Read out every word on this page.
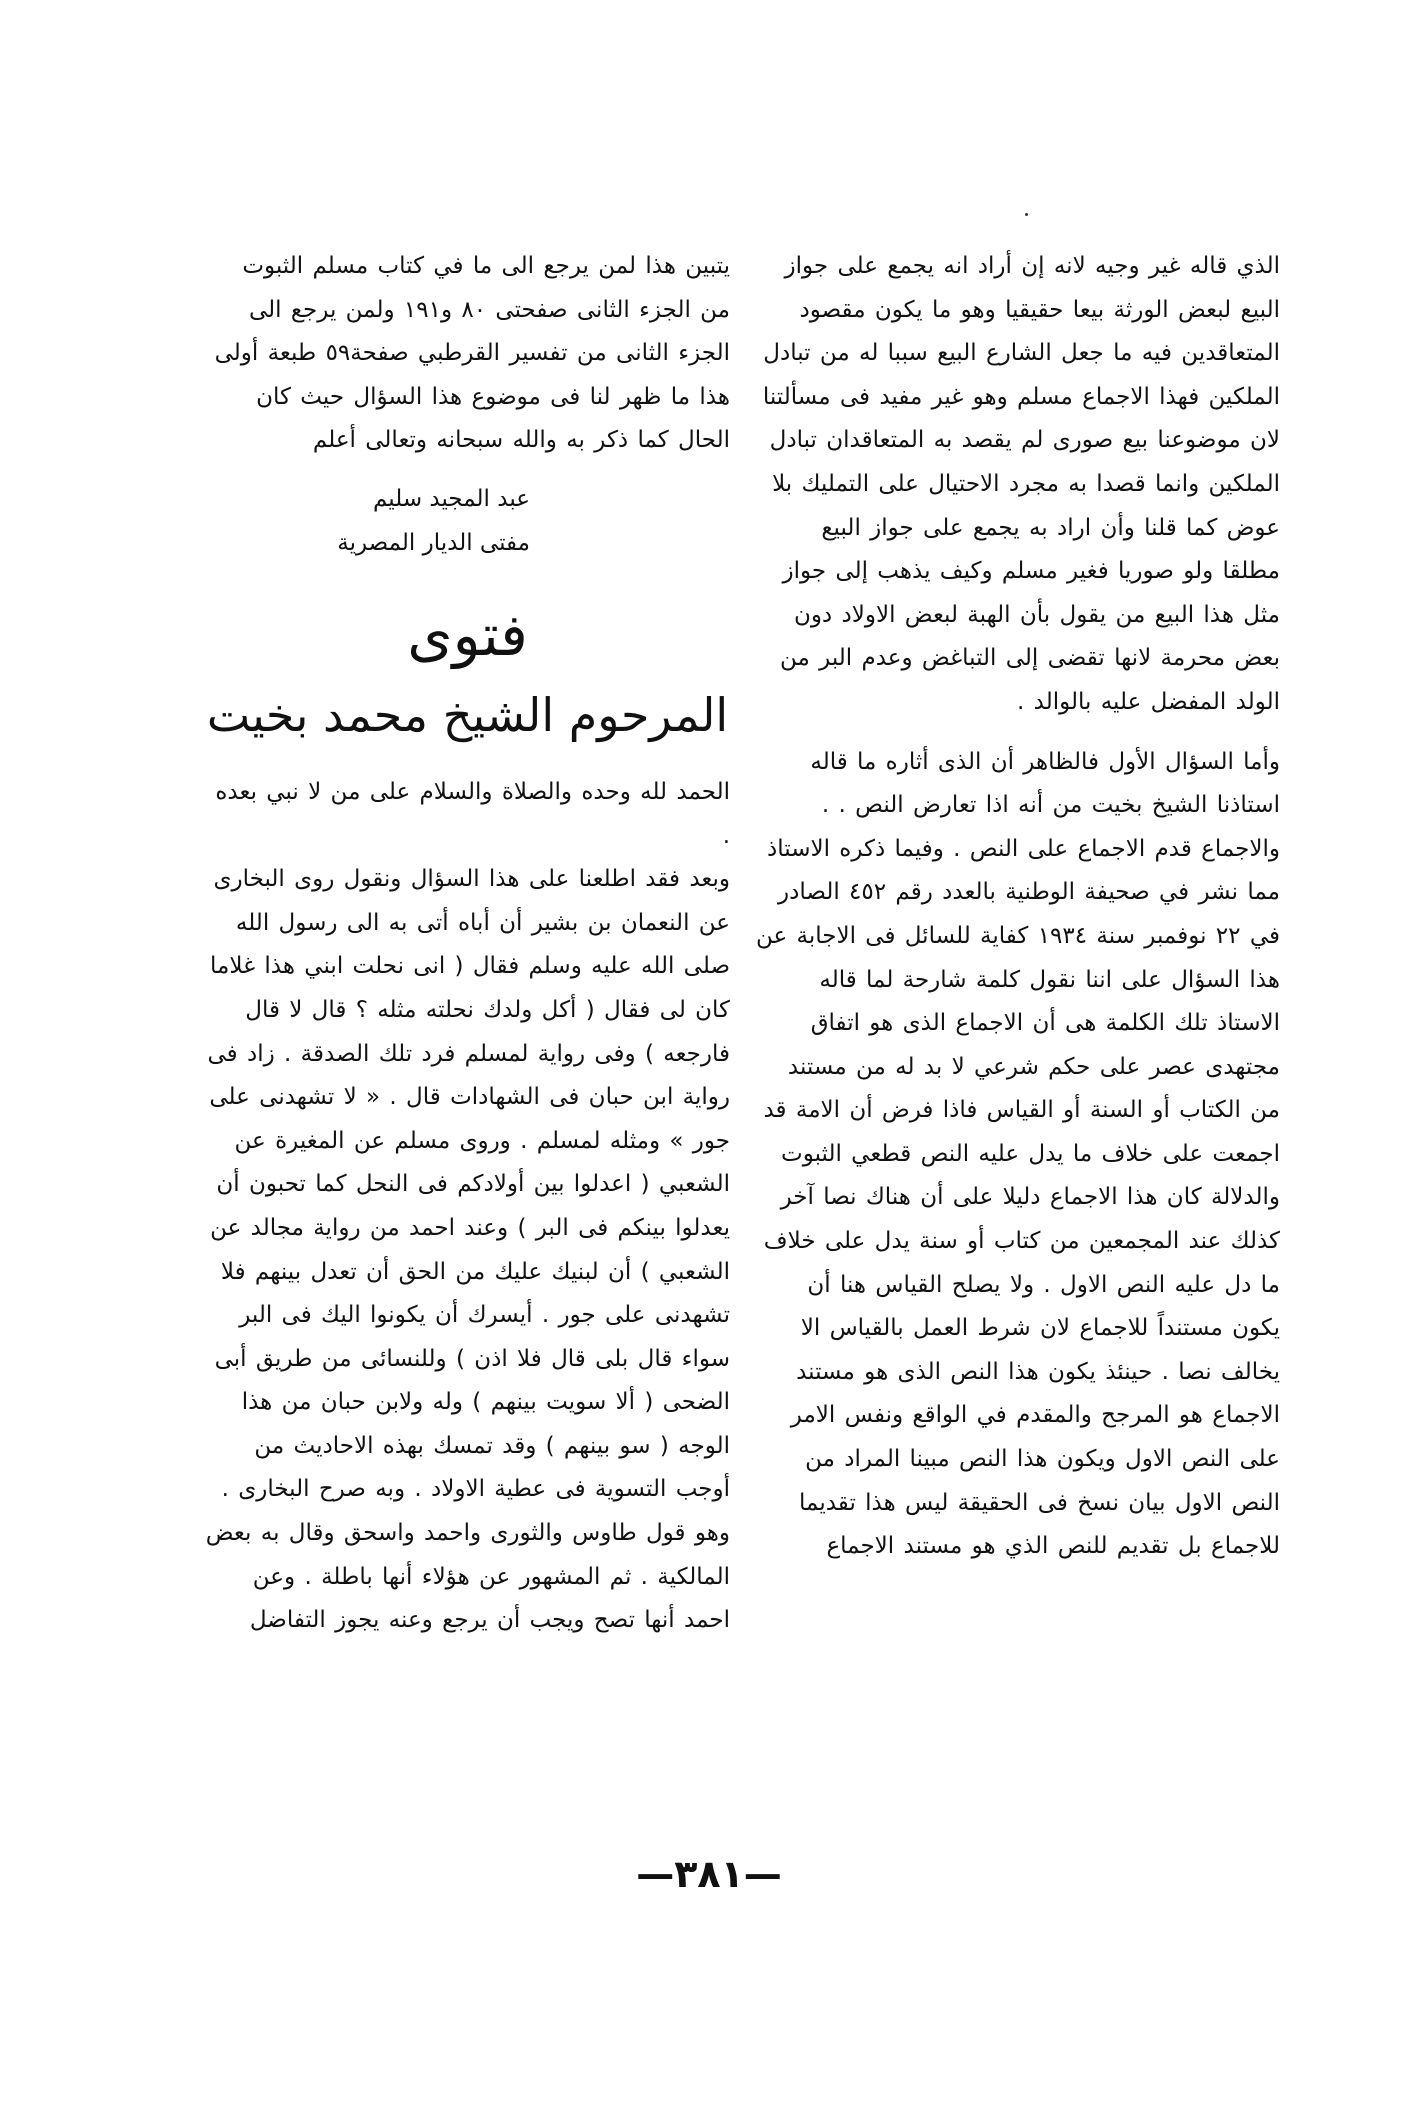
الذي قاله غير وجيه لانه إن أراد انه يجمع على جواز البيع لبعض الورثة بيعا حقيقيا وهو ما يكون مقصود المتعاقدين فيه ما جعل الشارع البيع سببا له من تبادل الملكين فهذا الاجماع مسلم وهو غير مفيد فى مسألتنا لان موضوعنا بيع صورى لم يقصد به المتعاقدان تبادل الملكين وانما قصدا به مجرد الاحتيال على التمليك بلا عوض كما قلنا وأن اراد به يجمع على جواز البيع مطلقا ولو صوريا فغير مسلم وكيف يذهب إلى جواز مثل هذا البيع من يقول بأن الهبة لبعض الاولاد دون بعض محرمة لانها تقضى إلى التباغض وعدم البر من الولد المفضل عليه بالوالد .

وأما السؤال الأول فالظاهر أن الذى أثاره ما قاله استاذنا الشيخ بخيت من أنه اذا تعارض النص . . والاجماع قدم الاجماع على النص . وفيما ذكره الاستاذ مما نشر في صحيفة الوطنية بالعدد رقم ٤٥٢ الصادر في ٢٢ نوفمبر سنة ١٩٣٤ كفاية للسائل فى الاجابة عن هذا السؤال على اننا نقول كلمة شارحة لما قاله الاستاذ تلك الكلمة هى أن الاجماع الذى هو اتفاق مجتهدى عصر على حكم شرعي لا بد له من مستند من الكتاب أو السنة أو القياس فاذا فرض أن الامة قد اجمعت على خلاف ما يدل عليه النص قطعي الثبوت والدلالة كان هذا الاجماع دليلا على أن هناك نصا آخر كذلك عند المجمعين من كتاب أو سنة يدل على خلاف ما دل عليه النص الاول . ولا يصلح القياس هنا أن يكون مستنداً للاجماع لان شرط العمل بالقياس الا يخالف نصا . حينئذ يكون هذا النص الذى هو مستند الاجماع هو المرجح والمقدم في الواقع ونفس الامر على النص الاول ويكون هذا النص مبينا المراد من النص الاول بيان نسخ فى الحقيقة ليس هذا تقديما للاجماع بل تقديم للنص الذي هو مستند الاجماع

يتبين هذا لمن يرجع الى ما في كتاب مسلم الثبوت من الجزء الثانى صفحتى ٨٠ و١٩١ ولمن يرجع الى الجزء الثانى من تفسير القرطبي صفحة٥٩ طبعة أولى

هذا ما ظهر لنا فى موضوع هذا السؤال حيث كان الحال كما ذكر به والله سبحانه وتعالى أعلم

عبد المجيد سليم
مفتى الديار المصرية
فتوى
المرحوم الشيخ محمد بخيت

الحمد لله وحده والصلاة والسلام على من لا نبي بعده .

وبعد فقد اطلعنا على هذا السؤال ونقول روى البخارى عن النعمان بن بشير أن أباه أتى به الى رسول الله صلى الله عليه وسلم فقال ( انى نحلت ابني هذا غلاما كان لى فقال ( أكل ولدك نحلته مثله ؟ قال لا قال فارجعه ) وفى رواية لمسلم فرد تلك الصدقة . زاد فى رواية ابن حبان فى الشهادات قال . « لا تشهدنى على جور » ومثله لمسلم . وروى مسلم عن المغيرة عن الشعبي ( اعدلوا بين أولادكم فى النحل كما تحبون أن يعدلوا بينكم فى البر ) وعند احمد من رواية مجالد عن الشعبي ) أن لبنيك عليك من الحق أن تعدل بينهم فلا تشهدنى على جور . أيسرك أن يكونوا اليك فى البر سواء قال بلى قال فلا اذن ) وللنسائى من طريق أبى الضحى ( ألا سويت بينهم ) وله ولابن حبان من هذا الوجه ( سو بينهم ) وقد تمسك بهذه الاحاديث من أوجب التسوية فى عطية الاولاد . وبه صرح البخارى . وهو قول طاوس والثورى واحمد واسحق وقال به بعض المالكية . ثم المشهور عن هؤلاء أنها باطلة . وعن احمد أنها تصح ويجب أن يرجع وعنه يجوز التفاضل

—٣٨١—
